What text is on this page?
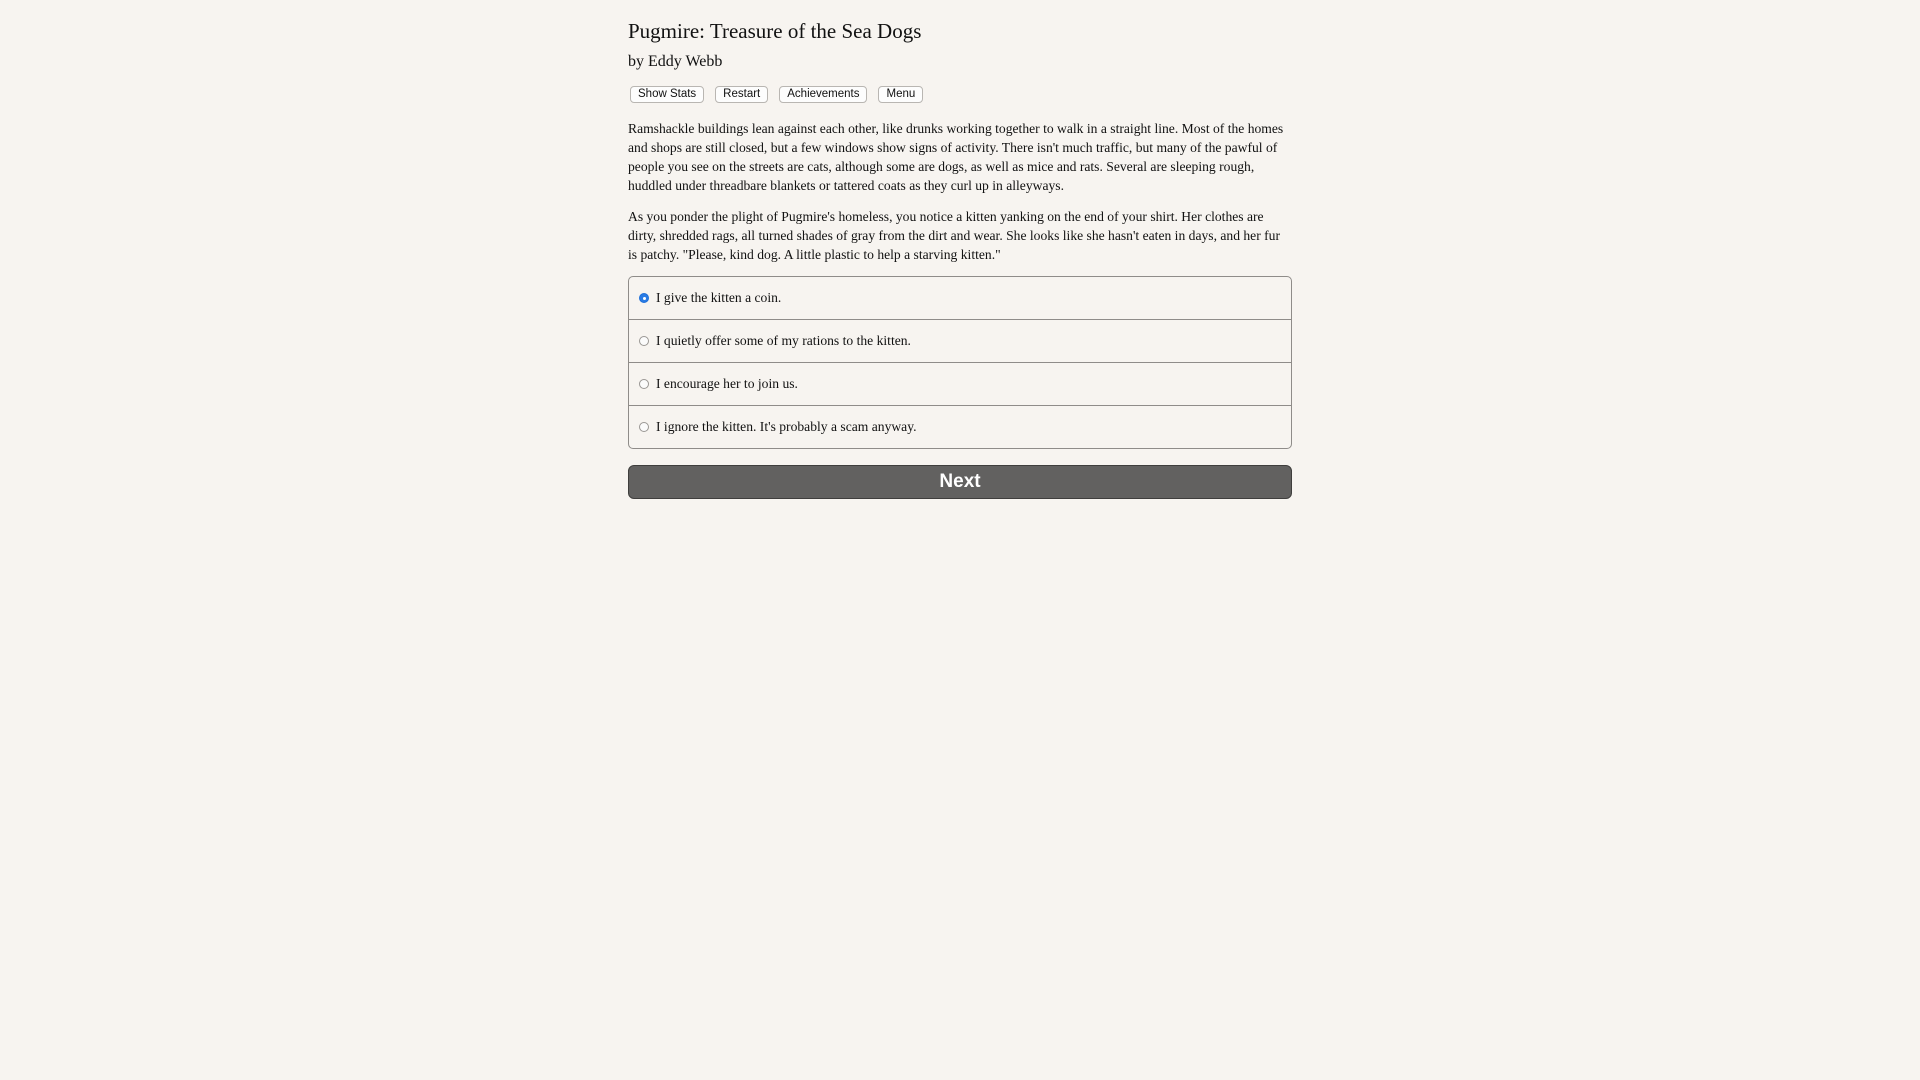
Pugmire: Treasure of the Sea Dogs
by Eddy Webb
Show Stats	Restart	Achievements	Menu

Ramshackle buildings lean against each other, like drunks working together to walk in a straight line. Most of the homes and shops are still closed, but a few windows show signs of activity. There isn't much traffic, but many of the pawful of people you see on the streets are cats, although some are dogs, as well as mice and rats. Several are sleeping rough, huddled under threadbare blankets or tattered coats as they curl up in alleyways.

As you ponder the plight of Pugmire's homeless, you notice a kitten yanking on the end of your shirt. Her clothes are dirty, shredded rags, all turned shades of gray from the dirt and wear. She looks like she hasn't eaten in days, and her fur is patchy. "Please, kind dog. A little plastic to help a starving kitten."

I give the kitten a coin.
I quietly offer some of my rations to the kitten.
I encourage her to join us.
I ignore the kitten. It's probably a scam anyway.
Next
